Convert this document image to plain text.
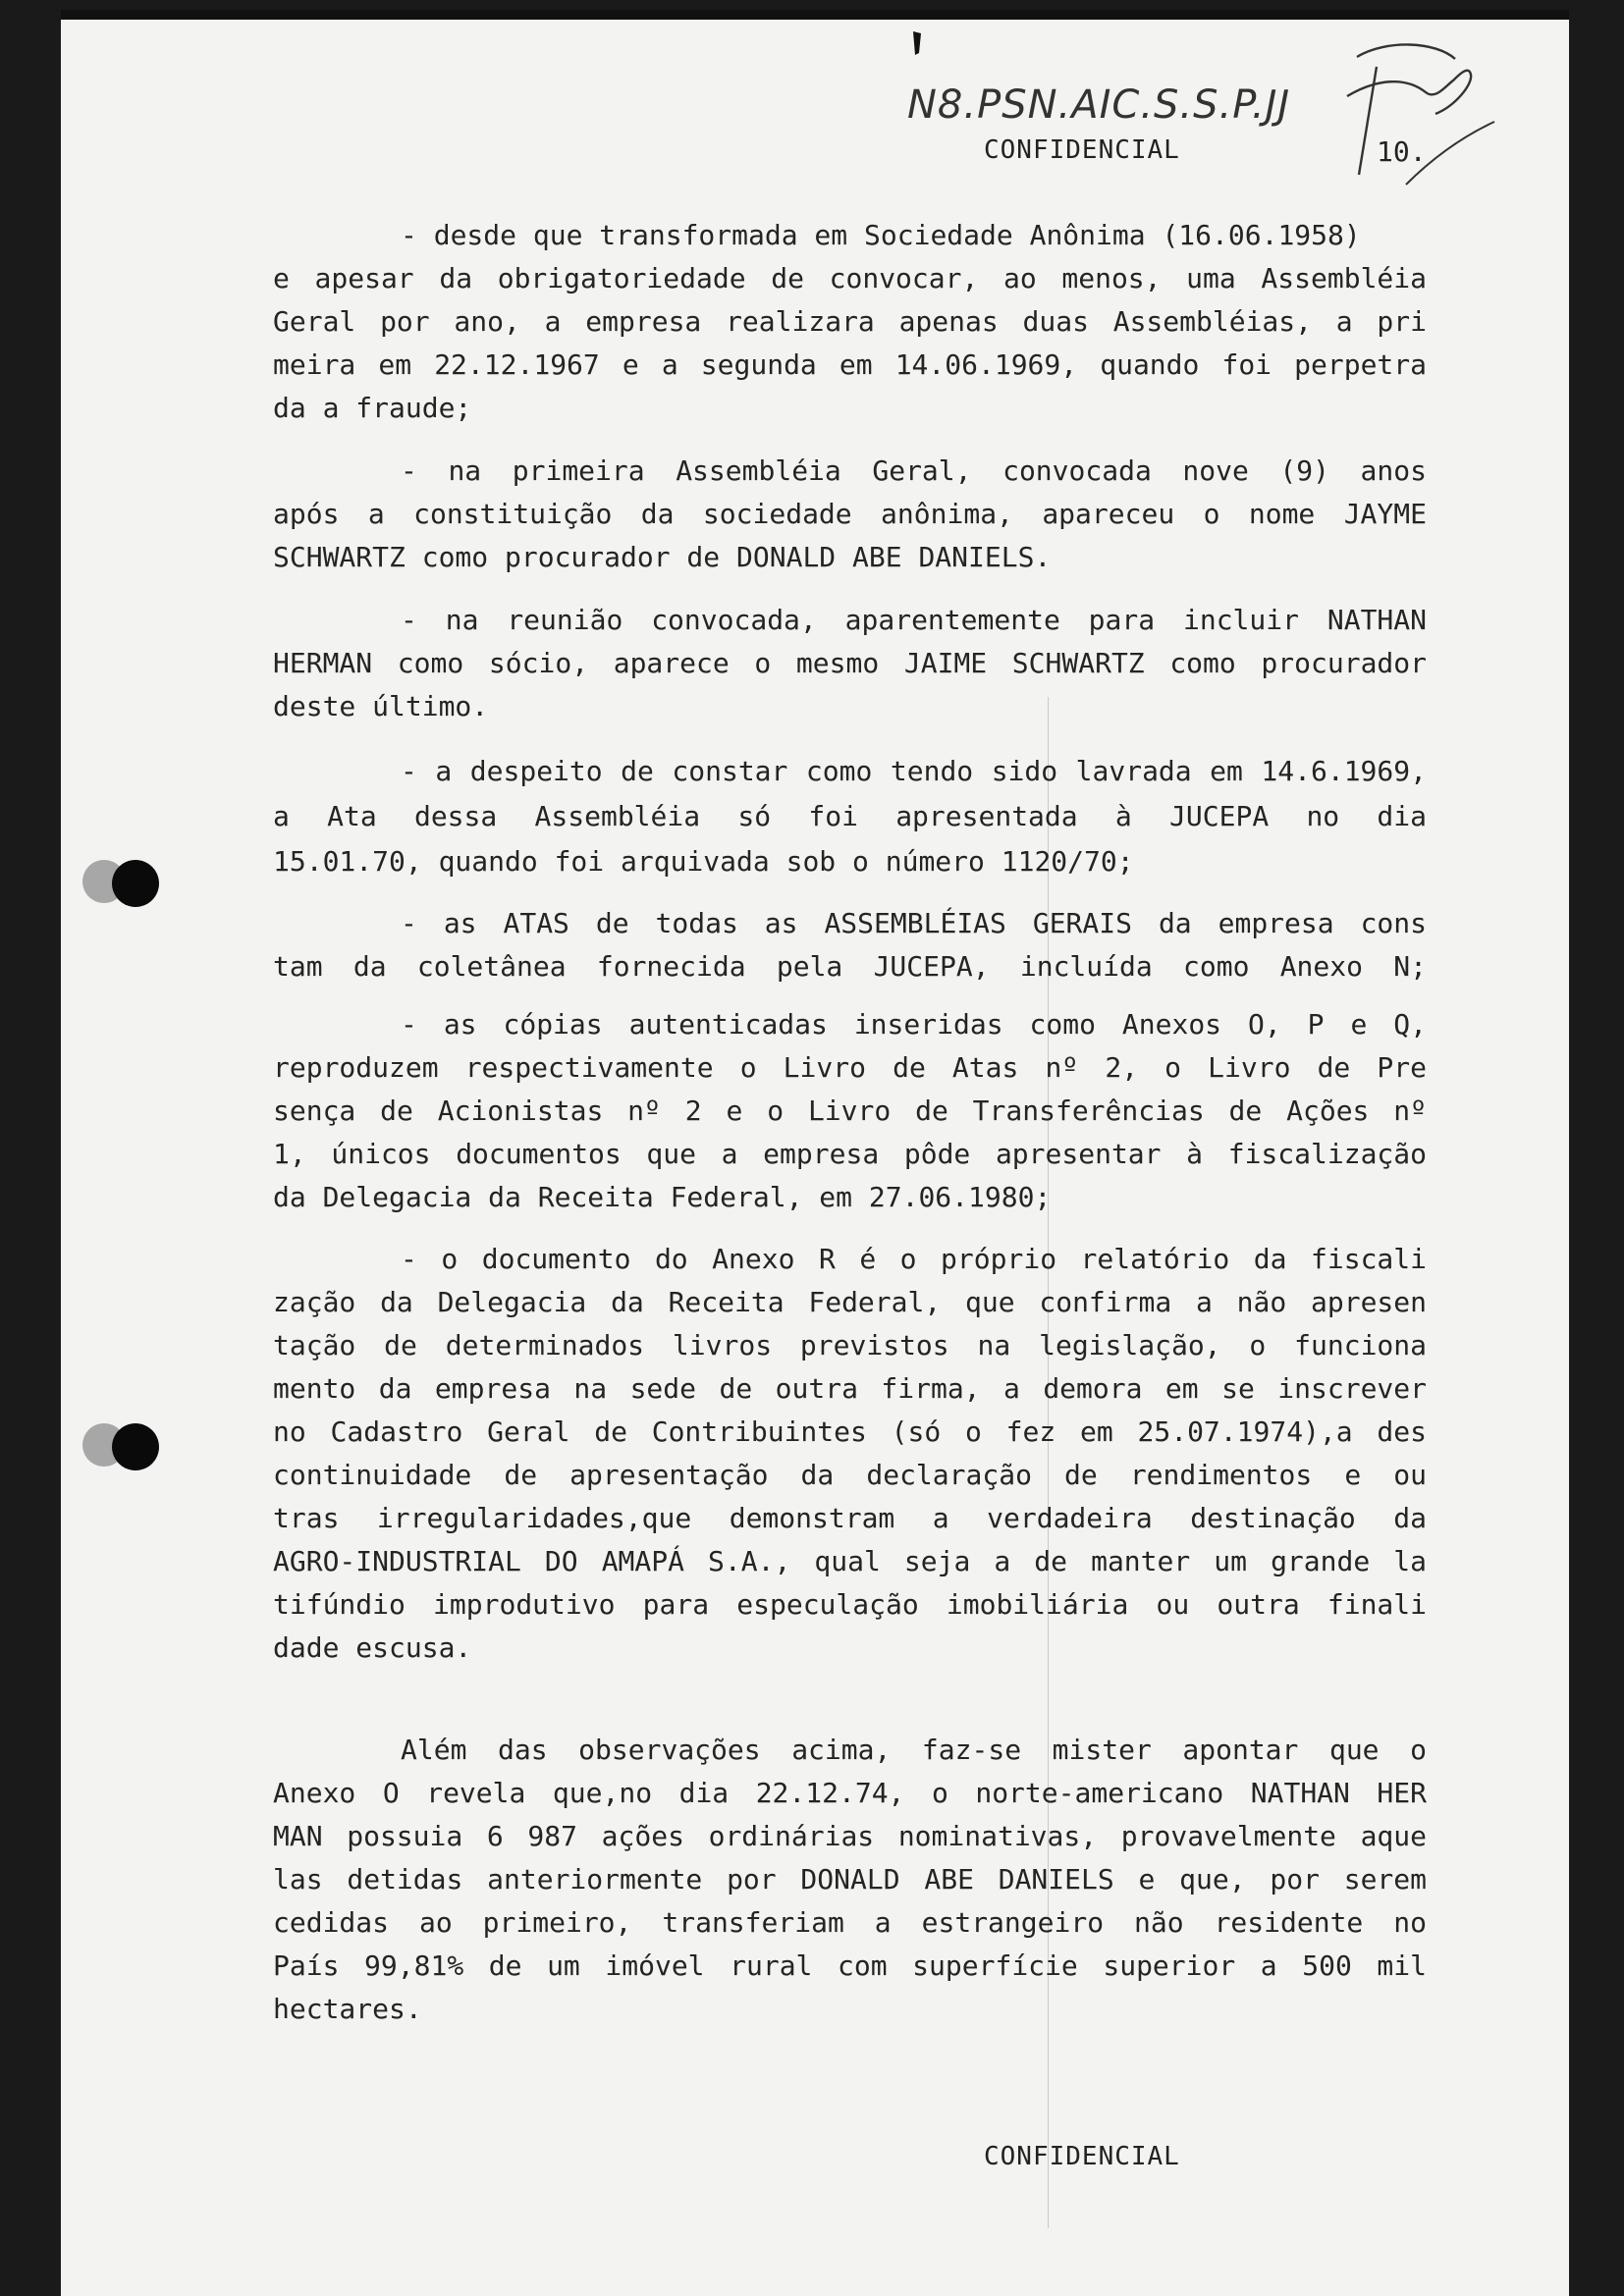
N8.PSN.AIC.S.S.P.JJ
CONFIDENCIAL	10.
- desde que transformada em Sociedade Anônima (16.06.1958)
e apesar da obrigatoriedade de convocar, ao menos, uma Assembléia
Geral por ano, a empresa realizara apenas duas Assembléias, a pri
meira em 22.12.1967 e a segunda em 14.06.1969, quando foi perpetra
da a fraude;
- na primeira Assembléia Geral, convocada nove (9) anos
após a constituição da sociedade anônima, apareceu o nome JAYME
SCHWARTZ como procurador de DONALD ABE DANIELS.
- na reunião convocada, aparentemente para incluir NATHAN
HERMAN como sócio, aparece o mesmo JAIME SCHWARTZ como procurador
deste último.
- a despeito de constar como tendo sido lavrada em 14.6.1969,
a Ata dessa Assembléia só foi apresentada à JUCEPA no dia
15.01.70, quando foi arquivada sob o número 1120/70;
- as ATAS de todas as ASSEMBLÉIAS GERAIS da empresa cons
tam da coletânea fornecida pela JUCEPA, incluída como Anexo N;
- as cópias autenticadas inseridas como Anexos O, P e Q,
reproduzem respectivamente o Livro de Atas nº 2, o Livro de Pre
sença de Acionistas nº 2 e o Livro de Transferências de Ações nº
1, únicos documentos que a empresa pôde apresentar à fiscalização
da Delegacia da Receita Federal, em 27.06.1980;
- o documento do Anexo R é o próprio relatório da fiscali
zação da Delegacia da Receita Federal, que confirma a não apresen
tação de determinados livros previstos na legislação, o funciona
mento da empresa na sede de outra firma, a demora em se inscrever
no Cadastro Geral de Contribuintes (só o fez em 25.07.1974),a des
continuidade de apresentação da declaração de rendimentos e ou
tras irregularidades,que demonstram a verdadeira destinação da
AGRO-INDUSTRIAL DO AMAPÁ S.A., qual seja a de manter um grande la
tifúndio improdutivo para especulação imobiliária ou outra finali
dade escusa.
Além das observações acima, faz-se mister apontar que o
Anexo O revela que,no dia 22.12.74, o norte-americano NATHAN HER
MAN possuia 6 987 ações ordinárias nominativas, provavelmente aque
las detidas anteriormente por DONALD ABE DANIELS e que, por serem
cedidas ao primeiro, transferiam a estrangeiro não residente no
País 99,81% de um imóvel rural com superfície superior a 500 mil
hectares.
CONFIDENCIAL
